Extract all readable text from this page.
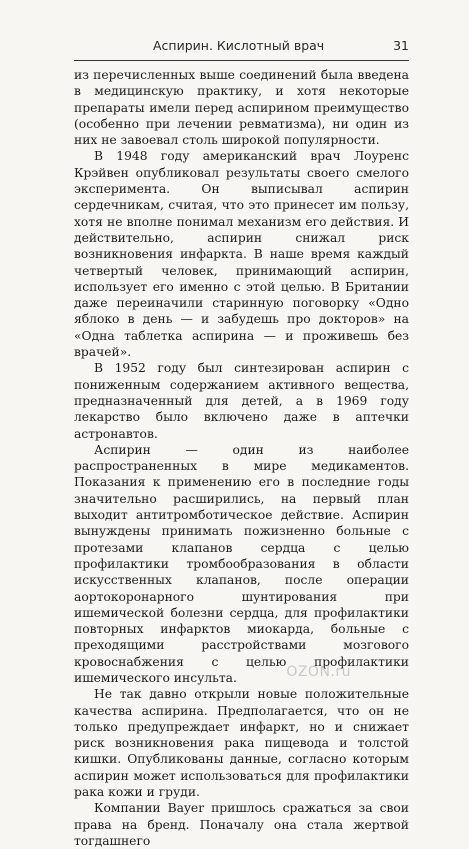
Аспирин. Кислотный врач	31

из перечисленных выше соединений была введена в медицинскую практику, и хотя некоторые препараты имели перед аспирином преимущество (особенно при лечении ревматизма), ни один из них не завоевал столь широкой популярности.

В 1948 году американский врач Лоуренс Крэйвен опубликовал результаты своего смелого эксперимента. Он выписывал аспирин сердечникам, считая, что это принесет им пользу, хотя не вполне понимал механизм его действия. И действительно, аспирин снижал риск возникновения инфаркта. В наше время каждый четвертый человек, принимающий аспирин, использует его именно с этой целью. В Британии даже переиначили старинную поговорку «Одно яблоко в день — и забудешь про докторов» на «Одна таблетка аспирина — и проживешь без врачей».

В 1952 году был синтезирован аспирин с пониженным содержанием активного вещества, предназначенный для детей, а в 1969 году лекарство было включено даже в аптечки астронавтов.

Аспирин — один из наиболее распространенных в мире медикаментов. Показания к применению его в последние годы значительно расширились, на первый план выходит антитромботическое действие. Аспирин вынуждены принимать пожизненно больные с протезами клапанов сердца с целью профилактики тромбообразования в области искусственных клапанов, после операции аортокоронарного шунтирования при ишемической болезни сердца, для профилактики повторных инфарктов миокарда, больные с преходящими расстройствами мозгового кровоснабжения с целью профилактики ишемического инсульта.

Не так давно открыли новые положительные качества аспирина. Предполагается, что он не только предупреждает инфаркт, но и снижает риск возникновения рака пищевода и толстой кишки. Опубликованы данные, согласно которым аспирин может использоваться для профилактики рака кожи и груди.

Компании Bayer пришлось сражаться за свои права на бренд. Поначалу она стала жертвой тогдашнего

OZON.ru
